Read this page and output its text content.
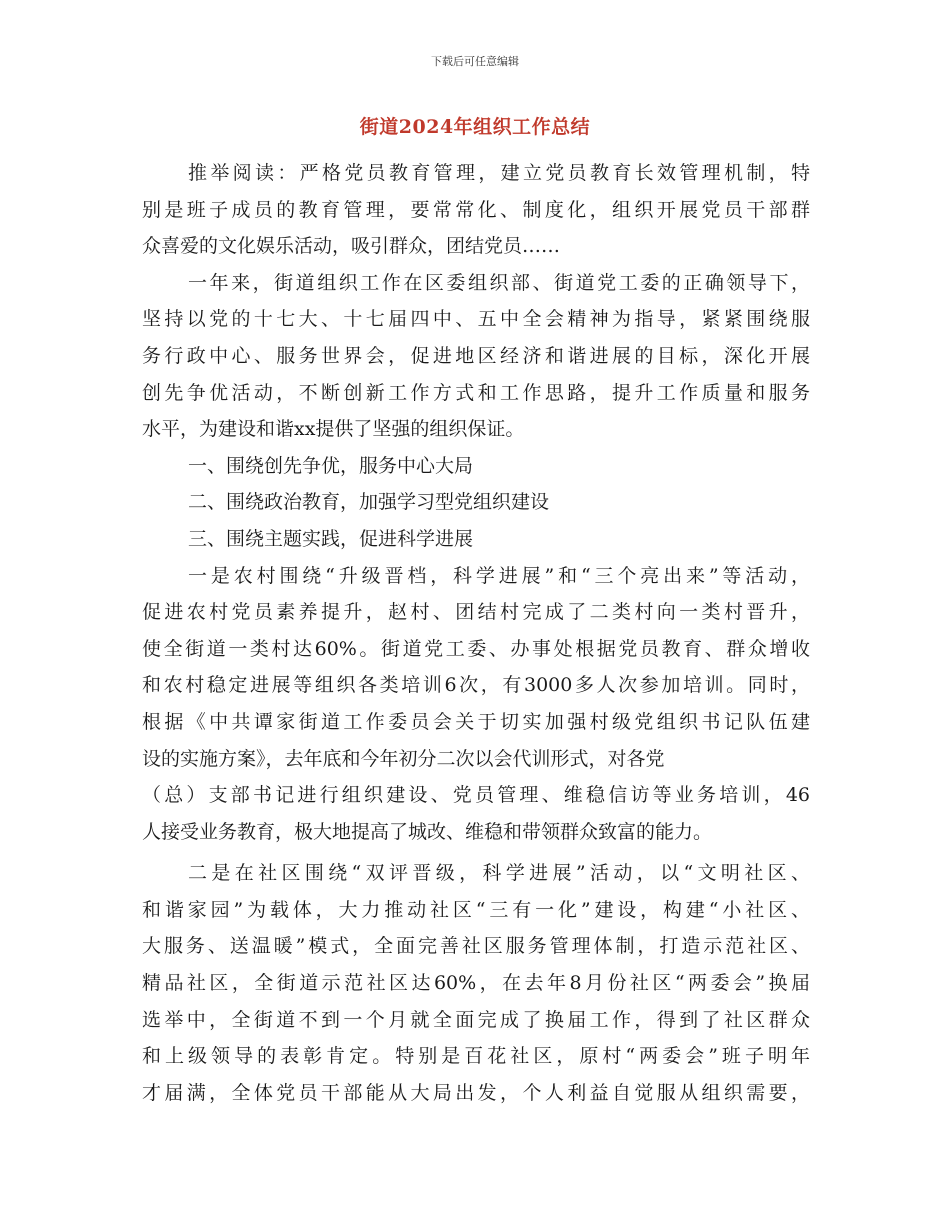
下载后可任意编辑
街道2024年组织工作总结
推举阅读：严格党员教育管理，建立党员教育长效管理机制，特
别是班子成员的教育管理，要常常化、制度化，组织开展党员干部群
众喜爱的文化娱乐活动，吸引群众，团结党员……
一年来，街道组织工作在区委组织部、街道党工委的正确领导下，
坚持以党的十七大、十七届四中、五中全会精神为指导，紧紧围绕服
务行政中心、服务世界会，促进地区经济和谐进展的目标，深化开展
创先争优活动，不断创新工作方式和工作思路，提升工作质量和服务
水平，为建设和谐xx提供了坚强的组织保证。
一、围绕创先争优，服务中心大局
二、围绕政治教育，加强学习型党组织建设
三、围绕主题实践，促进科学进展
一是农村围绕“升级晋档，科学进展”和“三个亮出来”等活动，
促进农村党员素养提升，赵村、团结村完成了二类村向一类村晋升，
使全街道一类村达60%。街道党工委、办事处根据党员教育、群众增收
和农村稳定进展等组织各类培训6次，有3000多人次参加培训。同时，
根据《中共谭家街道工作委员会关于切实加强村级党组织书记队伍建
设的实施方案》，去年底和今年初分二次以会代训形式，对各党
（总）支部书记进行组织建设、党员管理、维稳信访等业务培训，46
人接受业务教育，极大地提高了城改、维稳和带领群众致富的能力。
二是在社区围绕“双评晋级，科学进展”活动，以“文明社区、
和谐家园”为载体，大力推动社区“三有一化”建设，构建“小社区、
大服务、送温暖”模式，全面完善社区服务管理体制，打造示范社区、
精品社区，全街道示范社区达60%，在去年8月份社区“两委会”换届
选举中，全街道不到一个月就全面完成了换届工作，得到了社区群众
和上级领导的表彰肯定。特别是百花社区，原村“两委会”班子明年
才届满，全体党员干部能从大局出发，个人利益自觉服从组织需要，
